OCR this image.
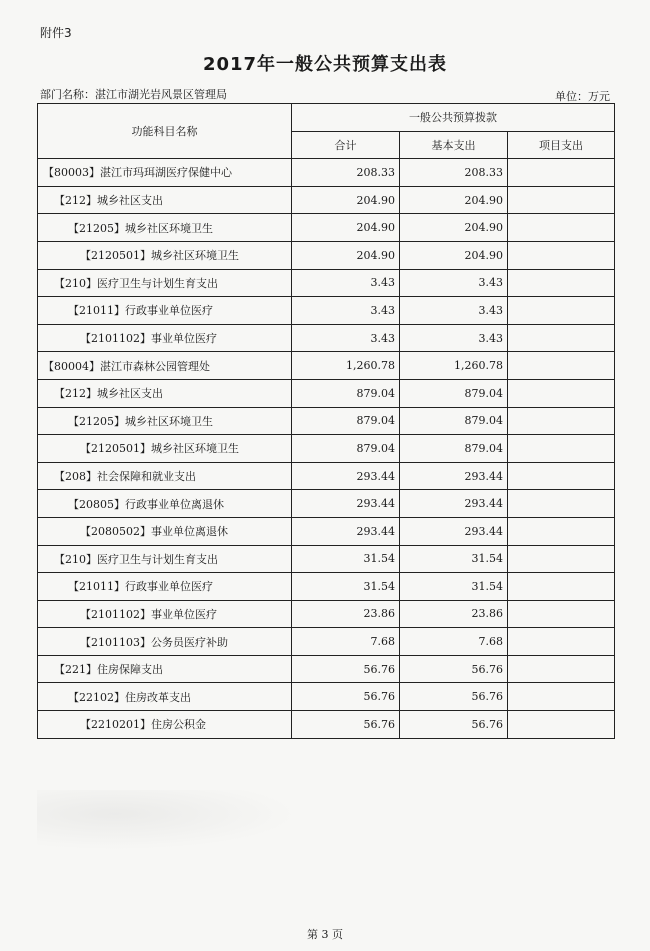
附件3
2017年一般公共预算支出表
部门名称：湛江市湖光岩风景区管理局	单位：万元
功能科目名称	一般公共预算拨款		
	合计	基本支出	项目支出
【80003】湛江市玛珥湖医疗保健中心	208.33	208.33	
【212】城乡社区支出	204.90	204.90	
【21205】城乡社区环境卫生	204.90	204.90	
【2120501】城乡社区环境卫生	204.90	204.90	
【210】医疗卫生与计划生育支出	3.43	3.43	
【21011】行政事业单位医疗	3.43	3.43	
【2101102】事业单位医疗	3.43	3.43	
【80004】湛江市森林公园管理处	1,260.78	1,260.78	
【212】城乡社区支出	879.04	879.04	
【21205】城乡社区环境卫生	879.04	879.04	
【2120501】城乡社区环境卫生	879.04	879.04	
【208】社会保障和就业支出	293.44	293.44	
【20805】行政事业单位离退休	293.44	293.44	
【2080502】事业单位离退休	293.44	293.44	
【210】医疗卫生与计划生育支出	31.54	31.54	
【21011】行政事业单位医疗	31.54	31.54	
【2101102】事业单位医疗	23.86	23.86	
【2101103】公务员医疗补助	7.68	7.68	
【221】住房保障支出	56.76	56.76	
【22102】住房改革支出	56.76	56.76	
【2210201】住房公积金	56.76	56.76	
第 3 页
